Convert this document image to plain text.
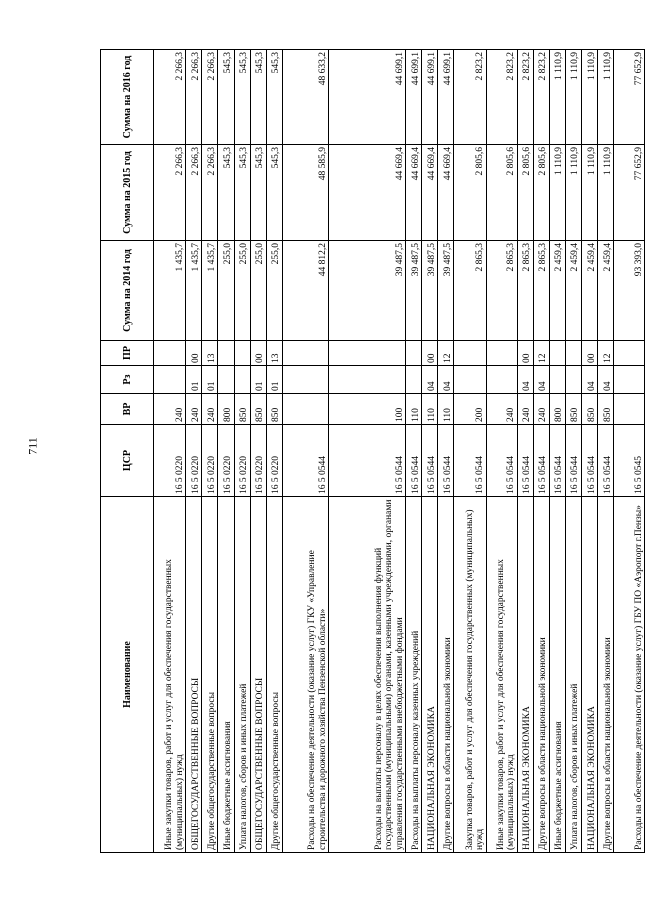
711
Наименование	ЦСР	ВР	Рз	ПР	Сумма на 2014 год	Сумма на 2015 год	Сумма на 2016 год
Иные закупки товаров, работ и услуг для обеспечения государственных (муниципальных) нужд	16 5 0220	240			1 435,7	2 266,3	2 266,3
ОБЩЕГОСУДАРСТВЕННЫЕ ВОПРОСЫ	16 5 0220	240	01	00	1 435,7	2 266,3	2 266,3
Другие общегосударственные вопросы	16 5 0220	240	01	13	1 435,7	2 266,3	2 266,3
Иные бюджетные ассигнования	16 5 0220	800			255,0	545,3	545,3
Уплата налогов, сборов и иных платежей	16 5 0220	850			255,0	545,3	545,3
ОБЩЕГОСУДАРСТВЕННЫЕ ВОПРОСЫ	16 5 0220	850	01	00	255,0	545,3	545,3
Другие общегосударственные вопросы	16 5 0220	850	01	13	255,0	545,3	545,3
Расходы на обеспечение деятельности (оказание услуг) ГКУ «Управление строительства и дорожного хозяйства Пензенской области»	16 5 0544				44 812,2	48 585,9	48 633,2
Расходы на выплаты персоналу в целях обеспечения выполнения функций государственными (муниципальными) органами, казенными учреждениями, органами управления государственными внебюджетными фондами	16 5 0544	100			39 487,5	44 669,4	44 699,1
Расходы на выплаты персоналу казенных учреждений	16 5 0544	110			39 487,5	44 669,4	44 699,1
НАЦИОНАЛЬНАЯ ЭКОНОМИКА	16 5 0544	110	04	00	39 487,5	44 669,4	44 699,1
Другие вопросы в области национальной экономики	16 5 0544	110	04	12	39 487,5	44 669,4	44 699,1
Закупка товаров, работ и услуг для обеспечения государственных (муниципальных) нужд	16 5 0544	200			2 865,3	2 805,6	2 823,2
Иные закупки товаров, работ и услуг для обеспечения государственных (муниципальных) нужд	16 5 0544	240			2 865,3	2 805,6	2 823,2
НАЦИОНАЛЬНАЯ ЭКОНОМИКА	16 5 0544	240	04	00	2 865,3	2 805,6	2 823,2
Другие вопросы в области национальной экономики	16 5 0544	240	04	12	2 865,3	2 805,6	2 823,2
Иные бюджетные ассигнования	16 5 0544	800			2 459,4	1 110,9	1 110,9
Уплата налогов, сборов и иных платежей	16 5 0544	850			2 459,4	1 110,9	1 110,9
НАЦИОНАЛЬНАЯ ЭКОНОМИКА	16 5 0544	850	04	00	2 459,4	1 110,9	1 110,9
Другие вопросы в области национальной экономики	16 5 0544	850	04	12	2 459,4	1 110,9	1 110,9
Расходы на обеспечение деятельности (оказание услуг) ГБУ ПО «Аэропорт г.Пензы»	16 5 0545				93 393,0	77 652,9	77 652,9
